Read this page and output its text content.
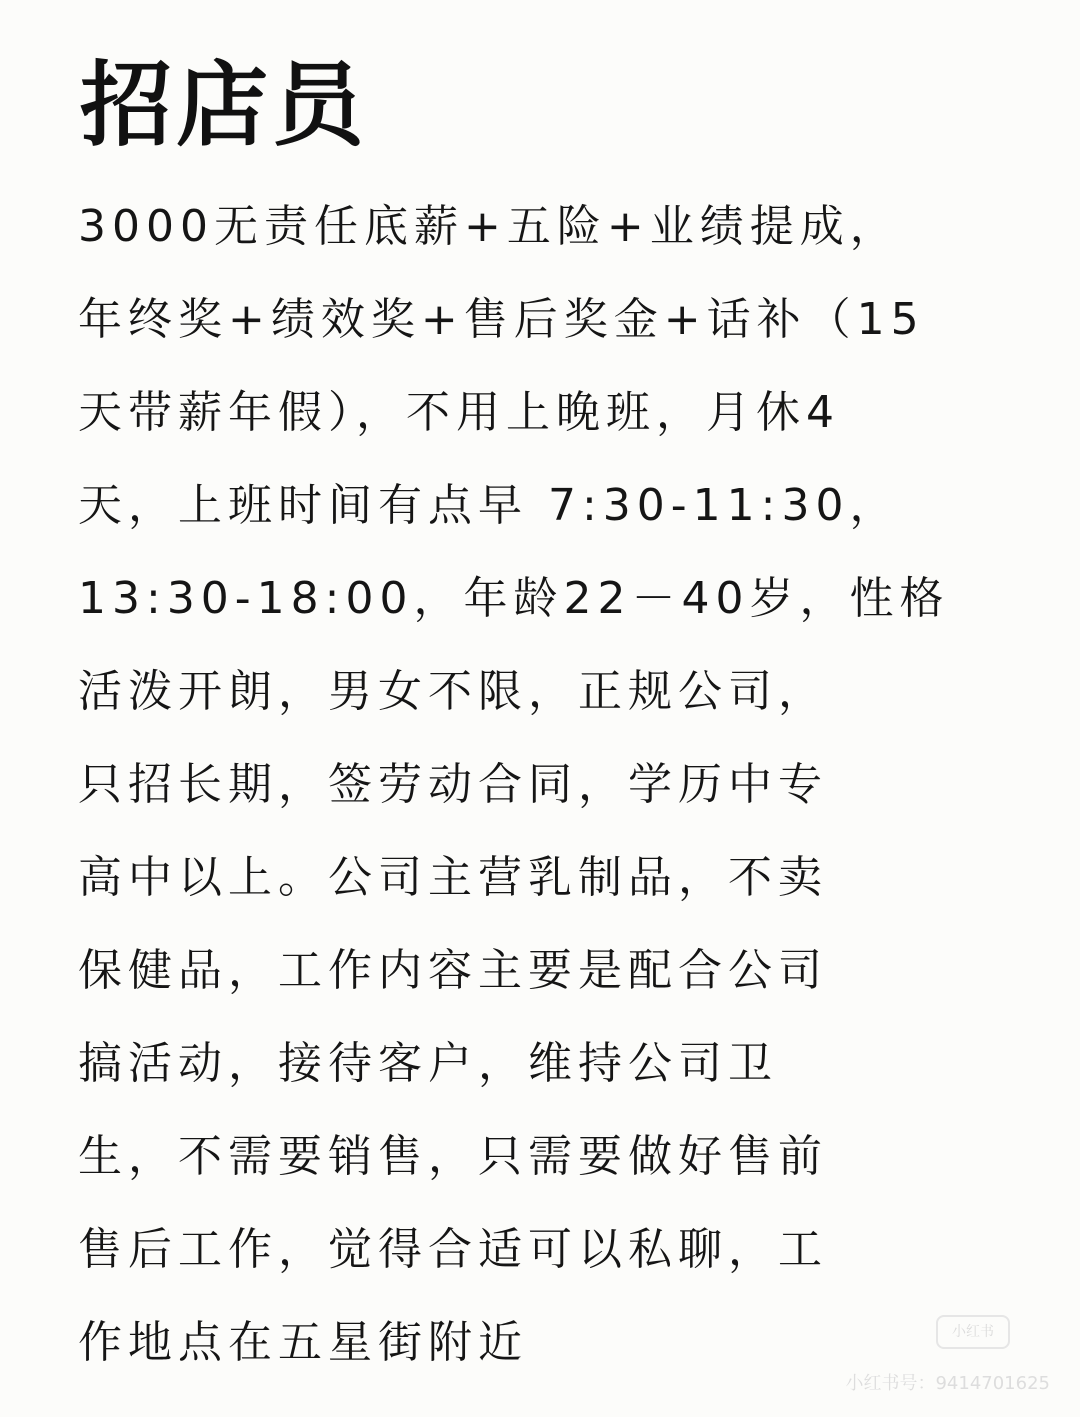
招店员
3000无责任底薪+五险+业绩提成，
年终奖+绩效奖+售后奖金+话补（15
天带薪年假），不用上晚班，月休4
天，上班时间有点早 7:30-11:30，
13:30-18:00，年龄22－40岁，性格
活泼开朗，男女不限，正规公司，
只招长期，签劳动合同，学历中专
高中以上。公司主营乳制品，不卖
保健品，工作内容主要是配合公司
搞活动，接待客户，维持公司卫
生，不需要销售，只需要做好售前
售后工作，觉得合适可以私聊，工
作地点在五星街附近	小红书
小红书号：9414701625
